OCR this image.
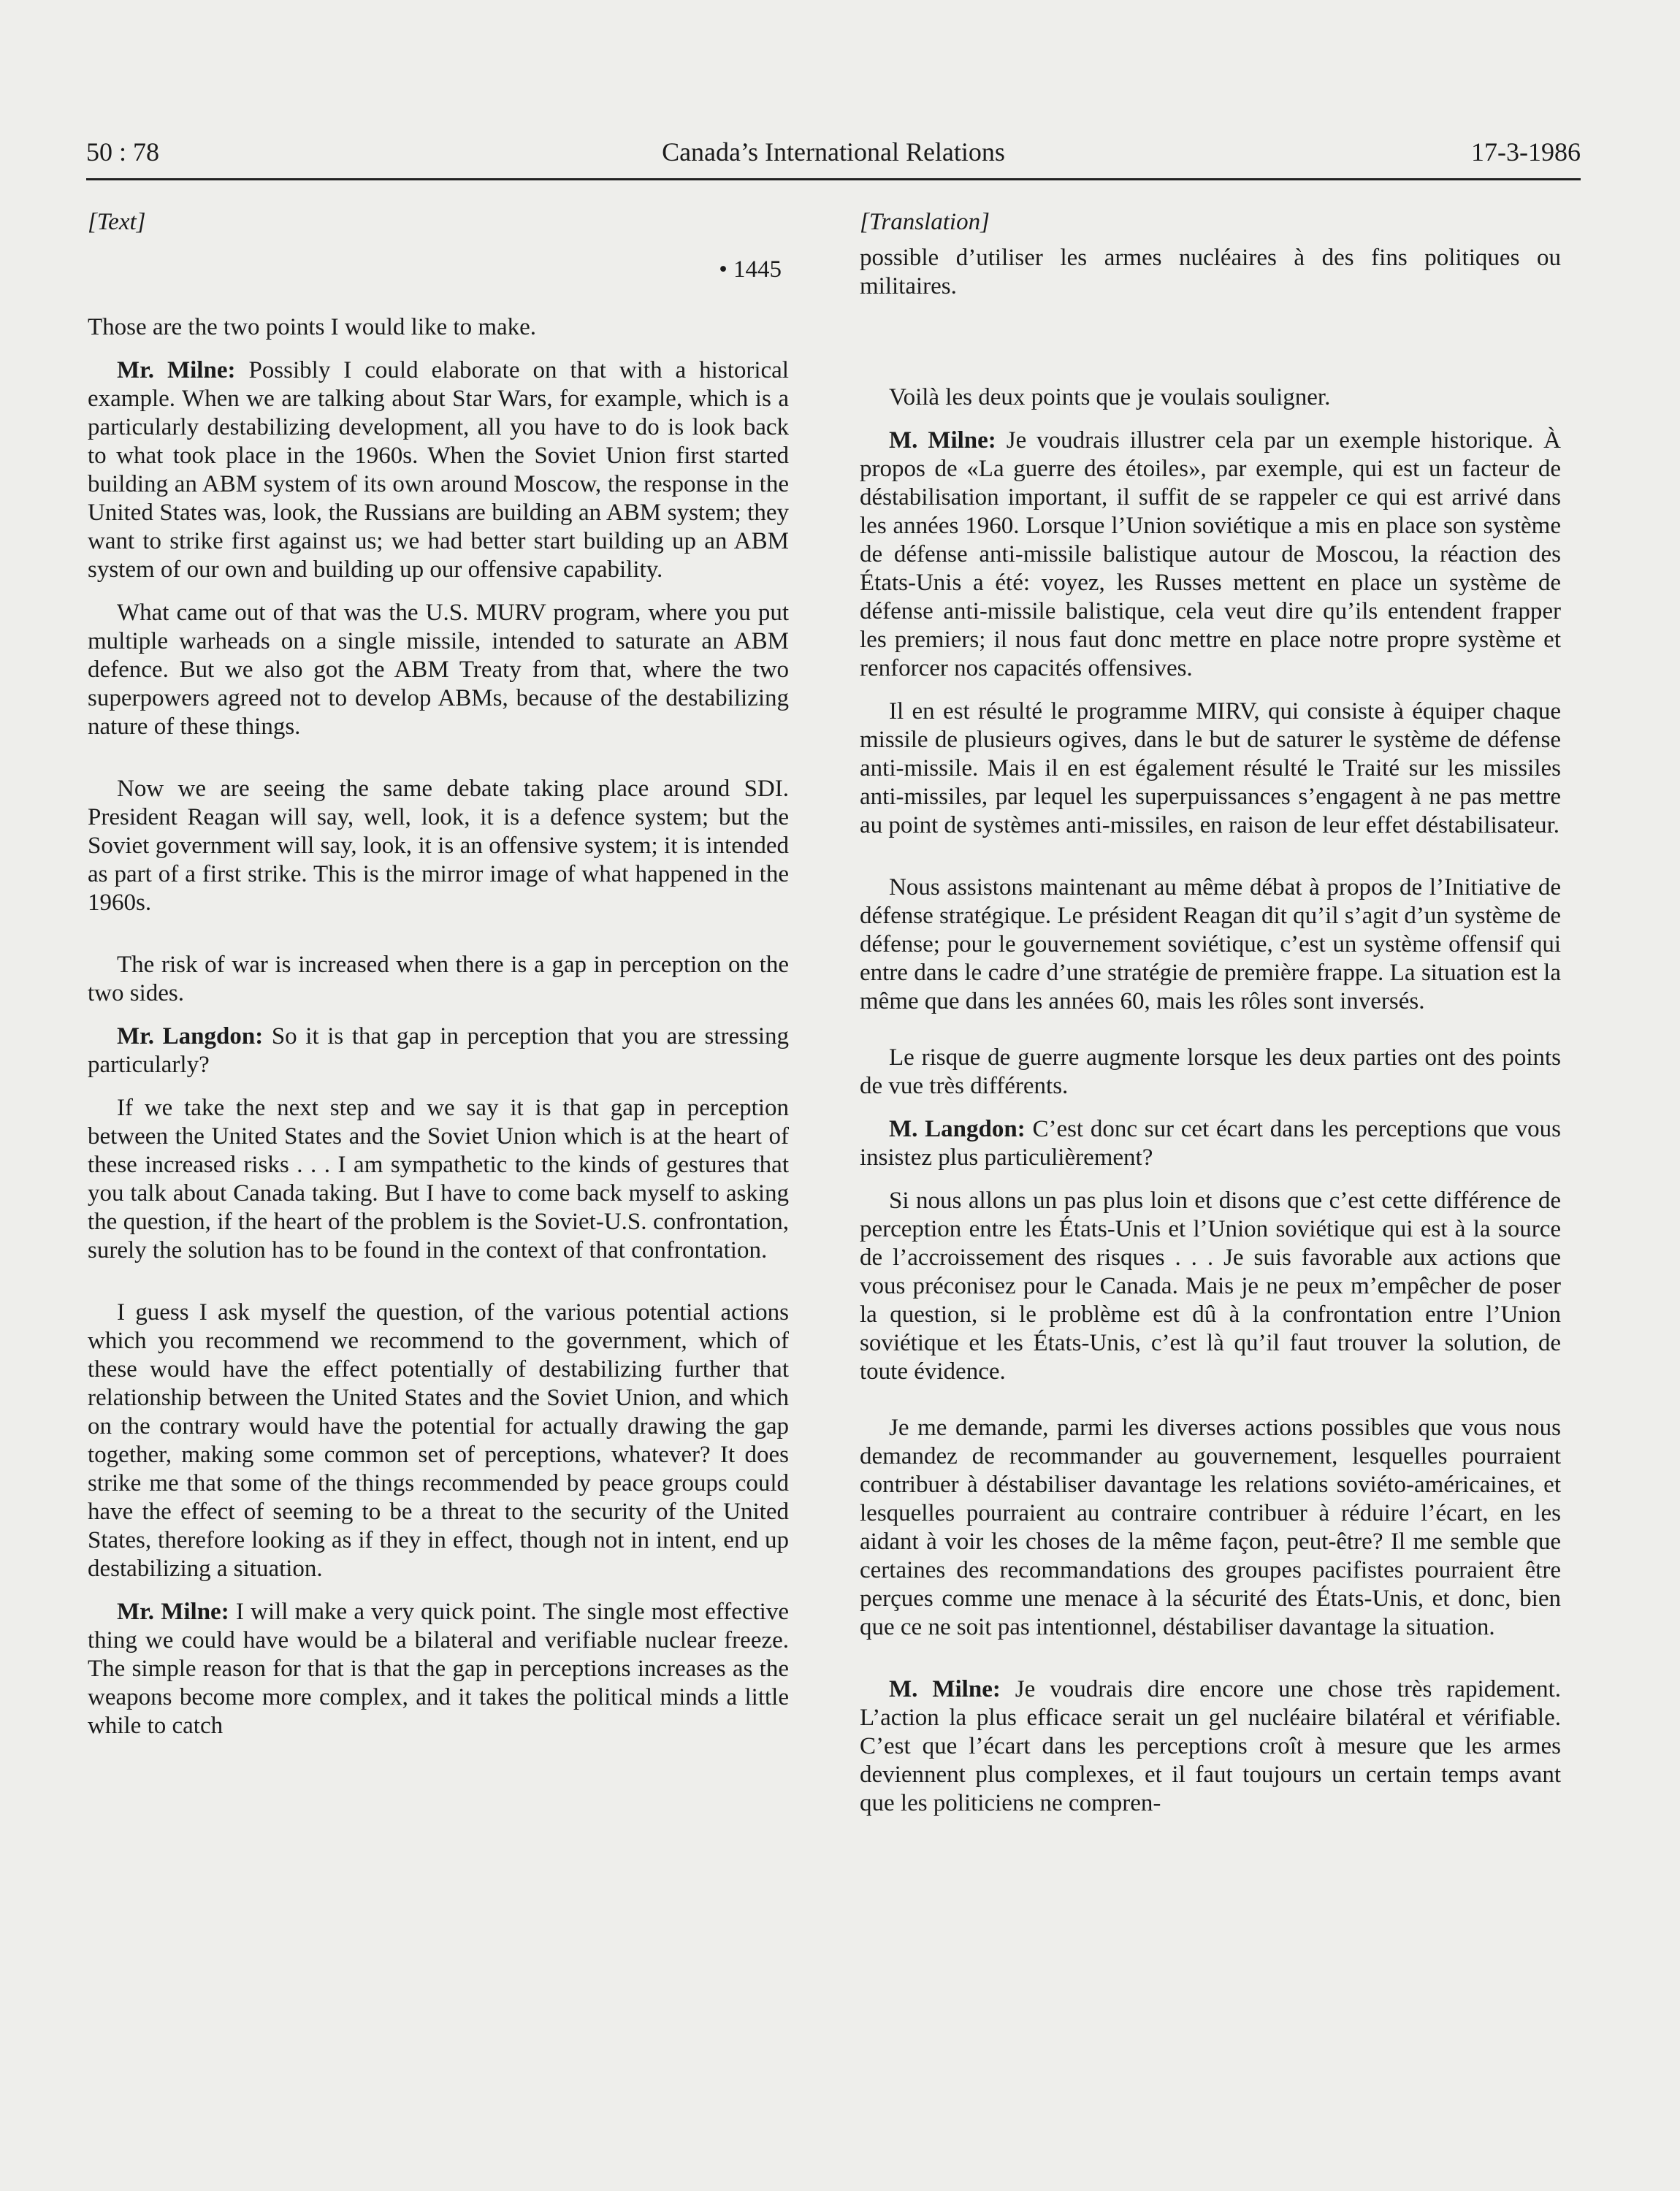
50 : 78	Canada’s International Relations	17-3-1986
[Text]
• 1445

Those are the two points I would like to make.

Mr. Milne: Possibly I could elaborate on that with a historical example. When we are talking about Star Wars, for example, which is a particularly destabilizing development, all you have to do is look back to what took place in the 1960s. When the Soviet Union first started building an ABM system of its own around Moscow, the response in the United States was, look, the Russians are building an ABM system; they want to strike first against us; we had better start building up an ABM system of our own and building up our offensive capability.

What came out of that was the U.S. MURV program, where you put multiple warheads on a single missile, intended to saturate an ABM defence. But we also got the ABM Treaty from that, where the two superpowers agreed not to develop ABMs, because of the destabilizing nature of these things.

Now we are seeing the same debate taking place around SDI. President Reagan will say, well, look, it is a defence system; but the Soviet government will say, look, it is an offensive system; it is intended as part of a first strike. This is the mirror image of what happened in the 1960s.

The risk of war is increased when there is a gap in perception on the two sides.

Mr. Langdon: So it is that gap in perception that you are stressing particularly?

If we take the next step and we say it is that gap in perception between the United States and the Soviet Union which is at the heart of these increased risks . . . I am sympathetic to the kinds of gestures that you talk about Canada taking. But I have to come back myself to asking the question, if the heart of the problem is the Soviet-U.S. confrontation, surely the solution has to be found in the context of that confrontation.

I guess I ask myself the question, of the various potential actions which you recommend we recommend to the government, which of these would have the effect potentially of destabilizing further that relationship between the United States and the Soviet Union, and which on the contrary would have the potential for actually drawing the gap together, making some common set of perceptions, whatever? It does strike me that some of the things recommended by peace groups could have the effect of seeming to be a threat to the security of the United States, therefore looking as if they in effect, though not in intent, end up destabilizing a situation.

Mr. Milne: I will make a very quick point. The single most effective thing we could have would be a bilateral and verifiable nuclear freeze. The simple reason for that is that the gap in perceptions increases as the weapons become more complex, and it takes the political minds a little while to catch

[Translation]

possible d’utiliser les armes nucléaires à des fins politiques ou militaires.

Voilà les deux points que je voulais souligner.

M. Milne: Je voudrais illustrer cela par un exemple historique. À propos de «La guerre des étoiles», par exemple, qui est un facteur de déstabilisation important, il suffit de se rappeler ce qui est arrivé dans les années 1960. Lorsque l’Union soviétique a mis en place son système de défense anti-missile balistique autour de Moscou, la réaction des États-Unis a été: voyez, les Russes mettent en place un système de défense anti-missile balistique, cela veut dire qu’ils entendent frapper les premiers; il nous faut donc mettre en place notre propre système et renforcer nos capacités offensives.

Il en est résulté le programme MIRV, qui consiste à équiper chaque missile de plusieurs ogives, dans le but de saturer le système de défense anti-missile. Mais il en est également résulté le Traité sur les missiles anti-missiles, par lequel les superpuissances s’engagent à ne pas mettre au point de systèmes anti-missiles, en raison de leur effet déstabilisateur.

Nous assistons maintenant au même débat à propos de l’Initiative de défense stratégique. Le président Reagan dit qu’il s’agit d’un système de défense; pour le gouvernement soviétique, c’est un système offensif qui entre dans le cadre d’une stratégie de première frappe. La situation est la même que dans les années 60, mais les rôles sont inversés.

Le risque de guerre augmente lorsque les deux parties ont des points de vue très différents.

M. Langdon: C’est donc sur cet écart dans les perceptions que vous insistez plus particulièrement?

Si nous allons un pas plus loin et disons que c’est cette différence de perception entre les États-Unis et l’Union soviétique qui est à la source de l’accroissement des risques . . . Je suis favorable aux actions que vous préconisez pour le Canada. Mais je ne peux m’empêcher de poser la question, si le problème est dû à la confrontation entre l’Union soviétique et les États-Unis, c’est là qu’il faut trouver la solution, de toute évidence.

Je me demande, parmi les diverses actions possibles que vous nous demandez de recommander au gouvernement, lesquelles pourraient contribuer à déstabiliser davantage les relations soviéto-américaines, et lesquelles pourraient au contraire contribuer à réduire l’écart, en les aidant à voir les choses de la même façon, peut-être? Il me semble que certaines des recommandations des groupes pacifistes pourraient être perçues comme une menace à la sécurité des États-Unis, et donc, bien que ce ne soit pas intentionnel, déstabiliser davantage la situation.

M. Milne: Je voudrais dire encore une chose très rapidement. L’action la plus efficace serait un gel nucléaire bilatéral et vérifiable. C’est que l’écart dans les perceptions croît à mesure que les armes deviennent plus complexes, et il faut toujours un certain temps avant que les politiciens ne compren-
